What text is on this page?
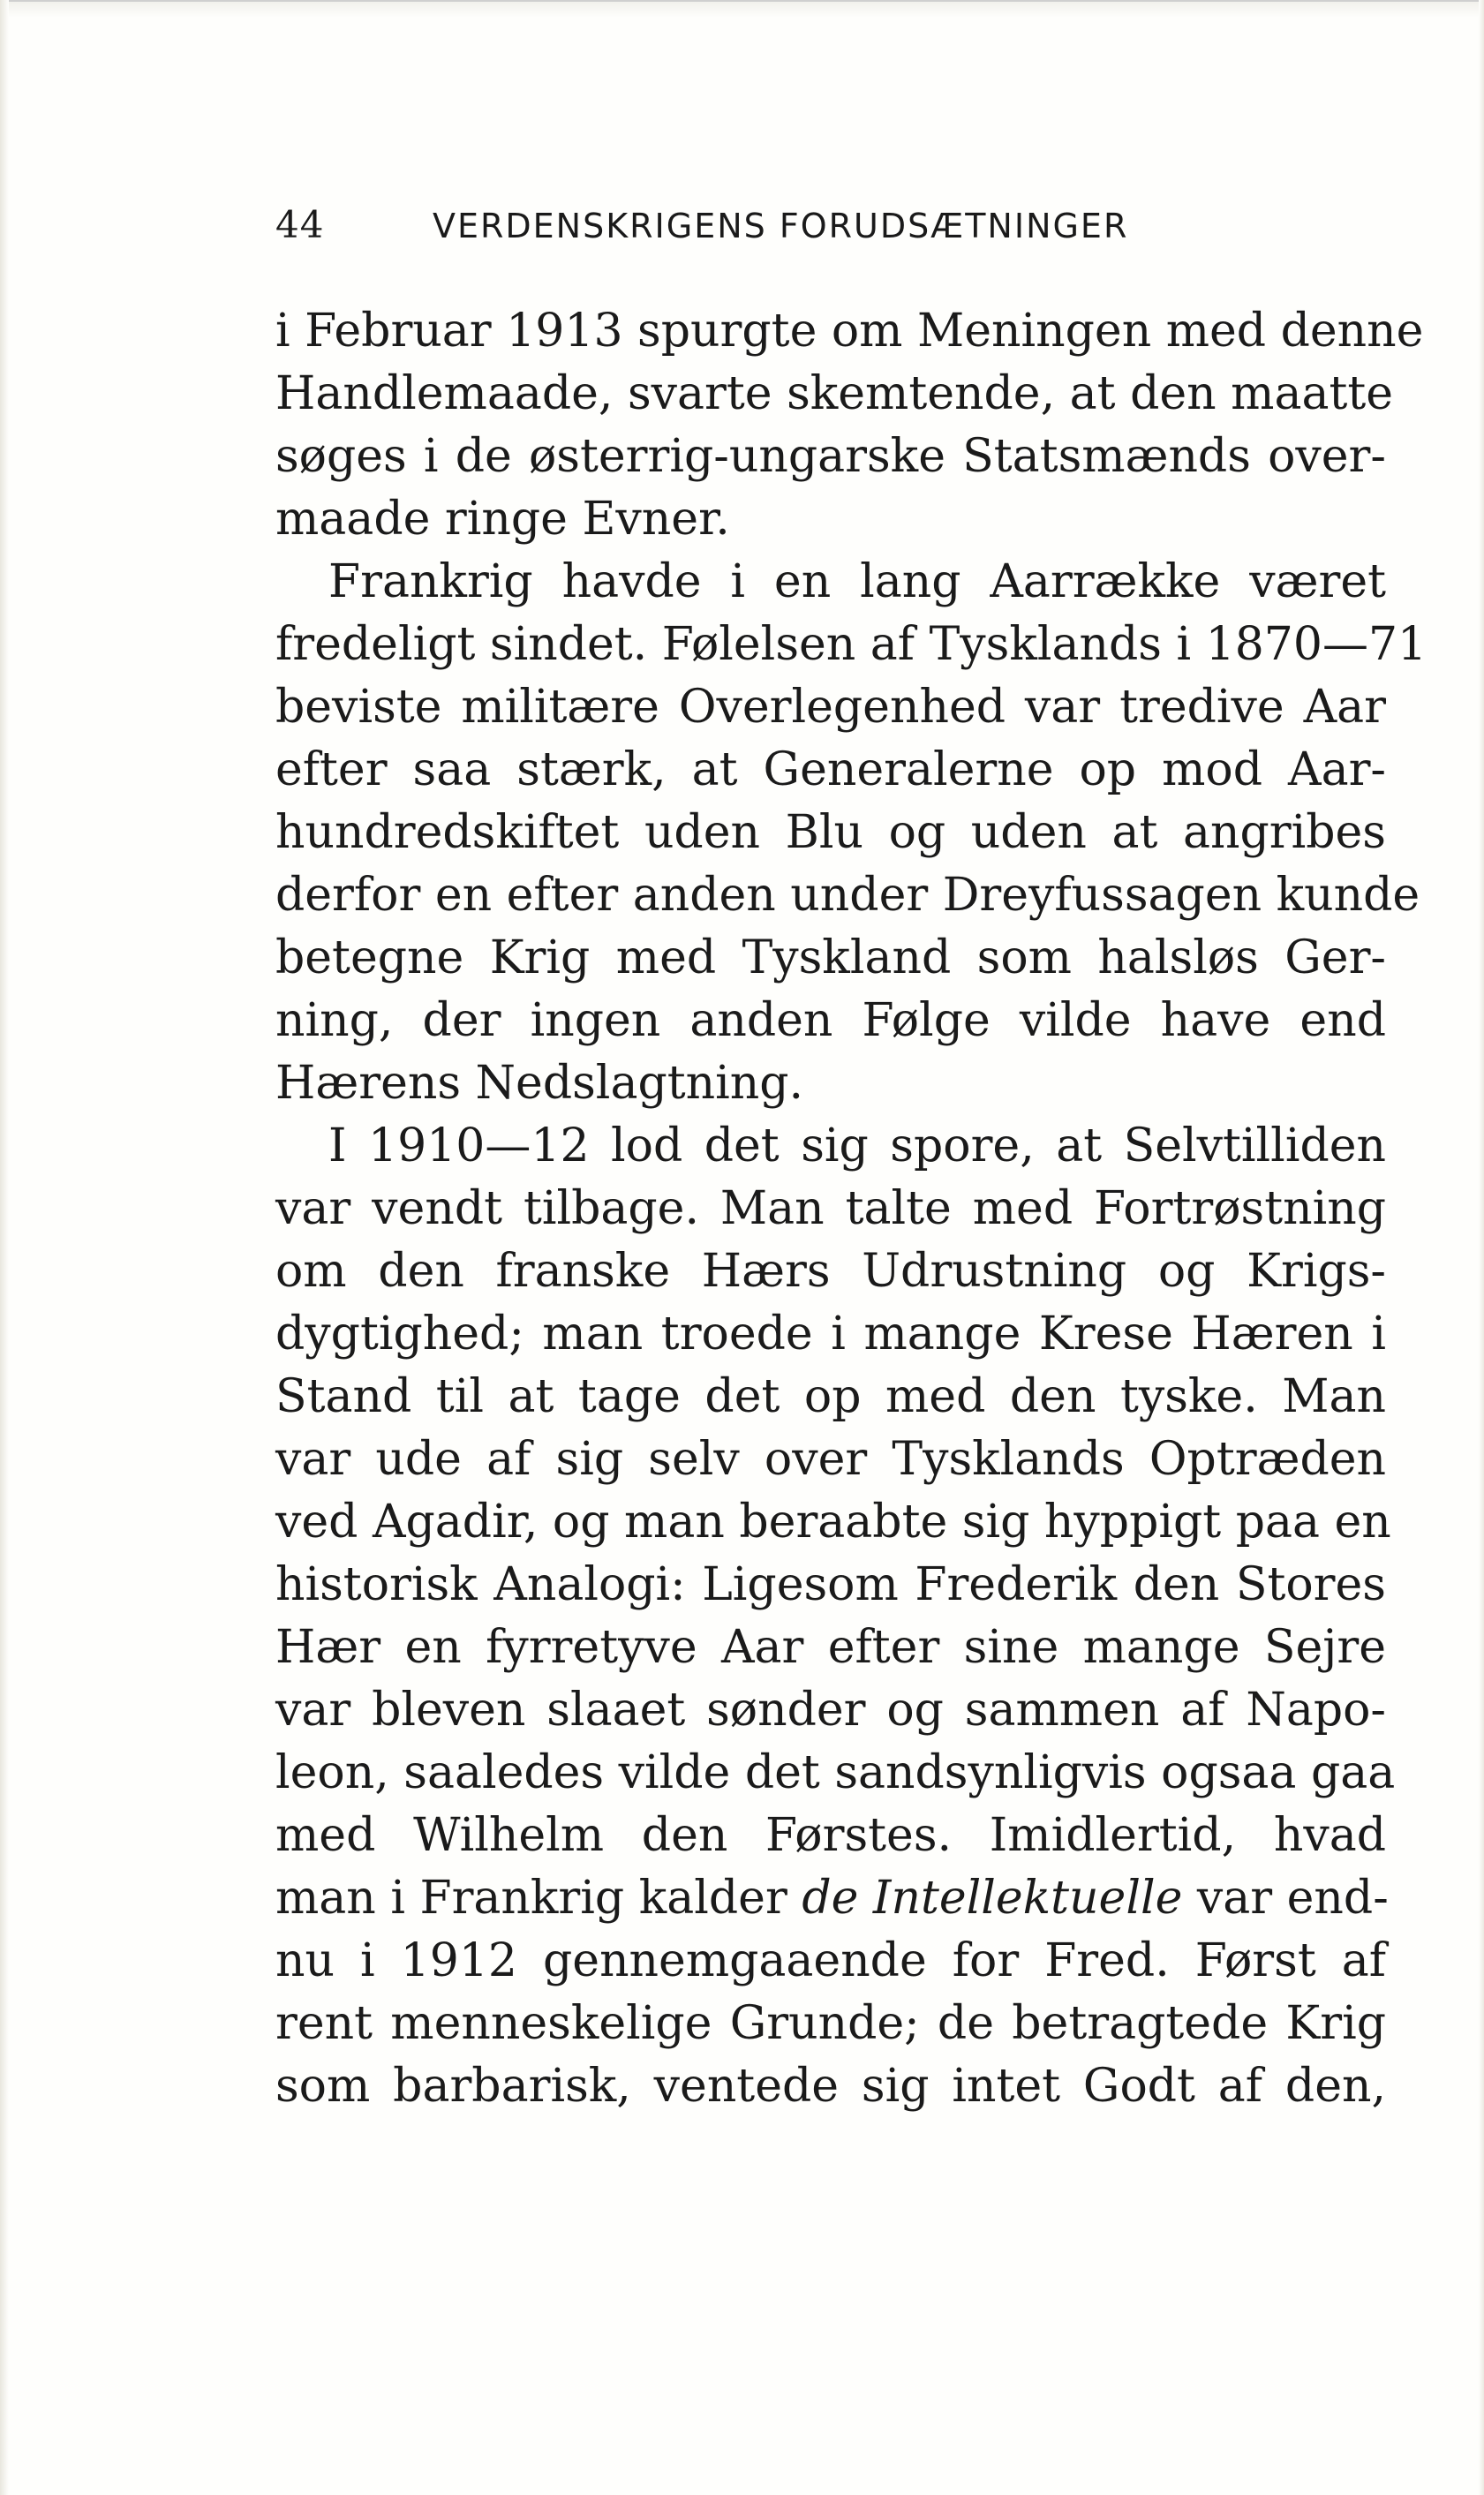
44	VERDENSKRIGENS FORUDSÆTNINGER
i Februar 1913 spurgte om Meningen med denne
Handlemaade, svarte skemtende, at den maatte
søges i de østerrig-ungarske Statsmænds over-
maade ringe Evner.
Frankrig havde i en lang Aarrække været
fredeligt sindet. Følelsen af Tysklands i 1870—71
beviste militære Overlegenhed var tredive Aar
efter saa stærk, at Generalerne op mod Aar-
hundredskiftet uden Blu og uden at angribes
derfor en efter anden under Dreyfussagen kunde
betegne Krig med Tyskland som halsløs Ger-
ning, der ingen anden Følge vilde have end
Hærens Nedslagtning.
I 1910—12 lod det sig spore, at Selvtilliden
var vendt tilbage. Man talte med Fortrøstning
om den franske Hærs Udrustning og Krigs-
dygtighed; man troede i mange Krese Hæren i
Stand til at tage det op med den tyske. Man
var ude af sig selv over Tysklands Optræden
ved Agadir, og man beraabte sig hyppigt paa en
historisk Analogi: Ligesom Frederik den Stores
Hær en fyrretyve Aar efter sine mange Sejre
var bleven slaaet sønder og sammen af Napo-
leon, saaledes vilde det sandsynligvis ogsaa gaa
med Wilhelm den Førstes. Imidlertid, hvad
man i Frankrig kalder de Intellektuelle var end-
nu i 1912 gennemgaaende for Fred. Først af
rent menneskelige Grunde; de betragtede Krig
som barbarisk, ventede sig intet Godt af den,
